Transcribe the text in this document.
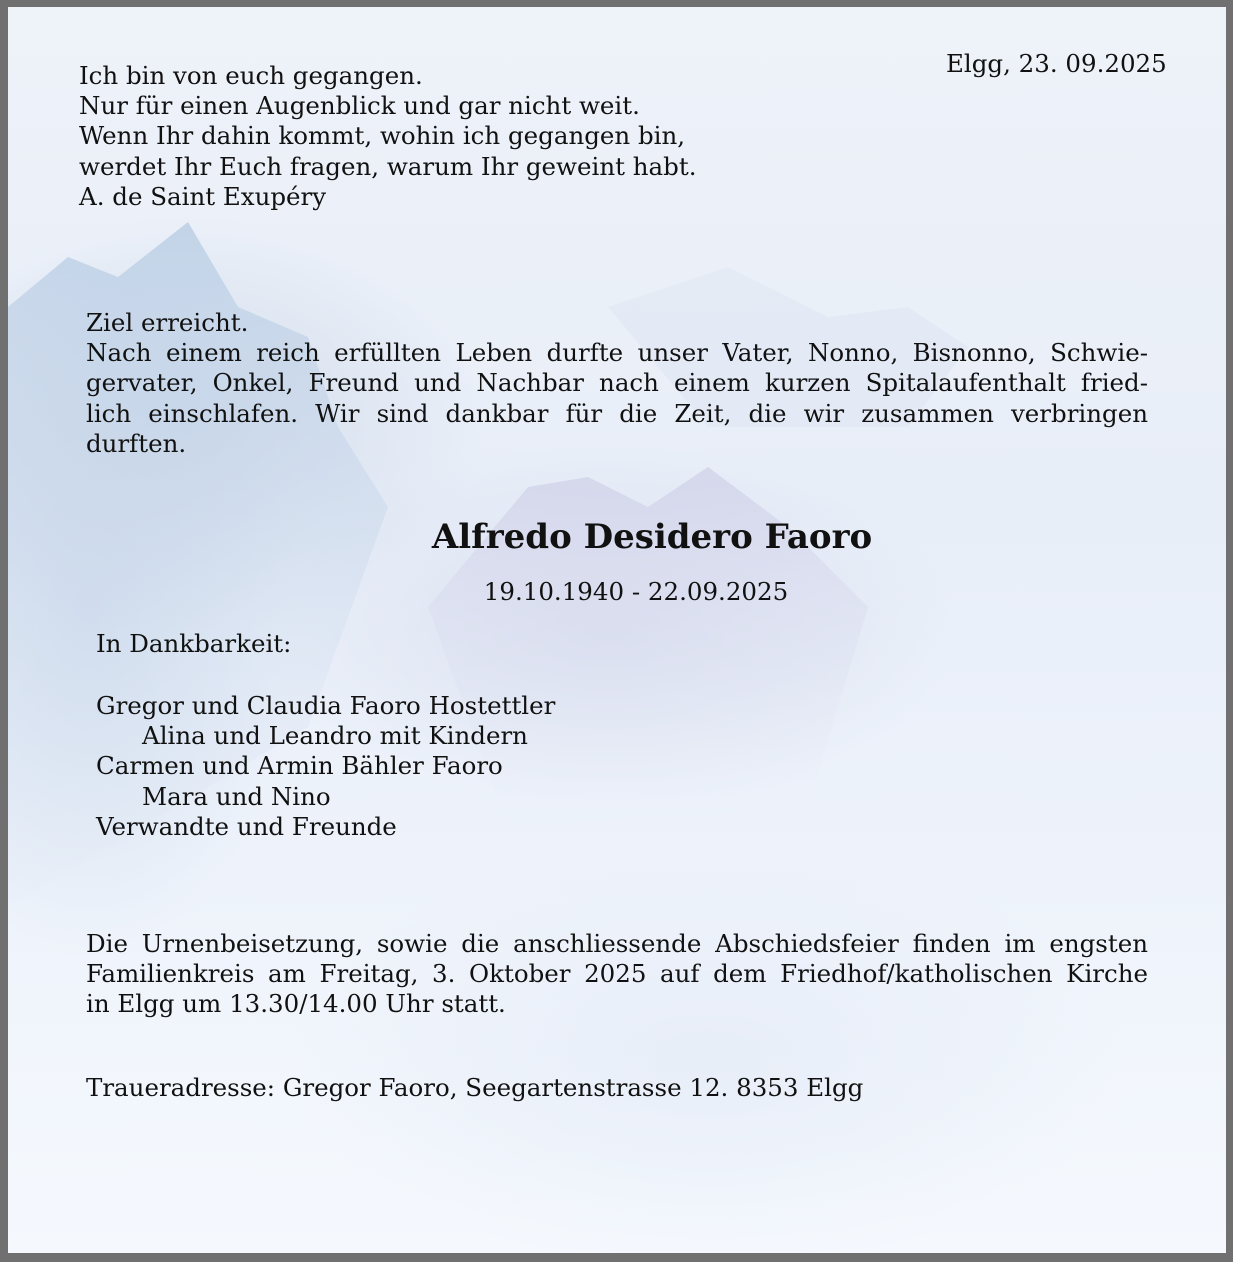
Elgg, 23. 09.2025
Ich bin von euch gegangen.
Nur für einen Augenblick und gar nicht weit.
Wenn Ihr dahin kommt, wohin ich gegangen bin,
werdet Ihr Euch fragen, warum Ihr geweint habt.
A. de Saint Exupéry
Ziel erreicht.
Nach einem reich erfüllten Leben durfte unser Vater, Nonno, Bisnonno, Schwie-
gervater, Onkel, Freund und Nachbar nach einem kurzen Spitalaufenthalt fried-
lich einschlafen. Wir sind dankbar für die Zeit, die wir zusammen verbringen
durften.
Alfredo Desidero Faoro
19.10.1940 - 22.09.2025
In Dankbarkeit:
Gregor und Claudia Faoro Hostettler
Alina und Leandro mit Kindern
Carmen und Armin Bähler Faoro
Mara und Nino
Verwandte und Freunde
Die Urnenbeisetzung, sowie die anschliessende Abschiedsfeier finden im engsten
Familienkreis am Freitag, 3. Oktober 2025 auf dem Friedhof/katholischen Kirche
in Elgg um 13.30/14.00 Uhr statt.
Traueradresse: Gregor Faoro, Seegartenstrasse 12. 8353 Elgg
